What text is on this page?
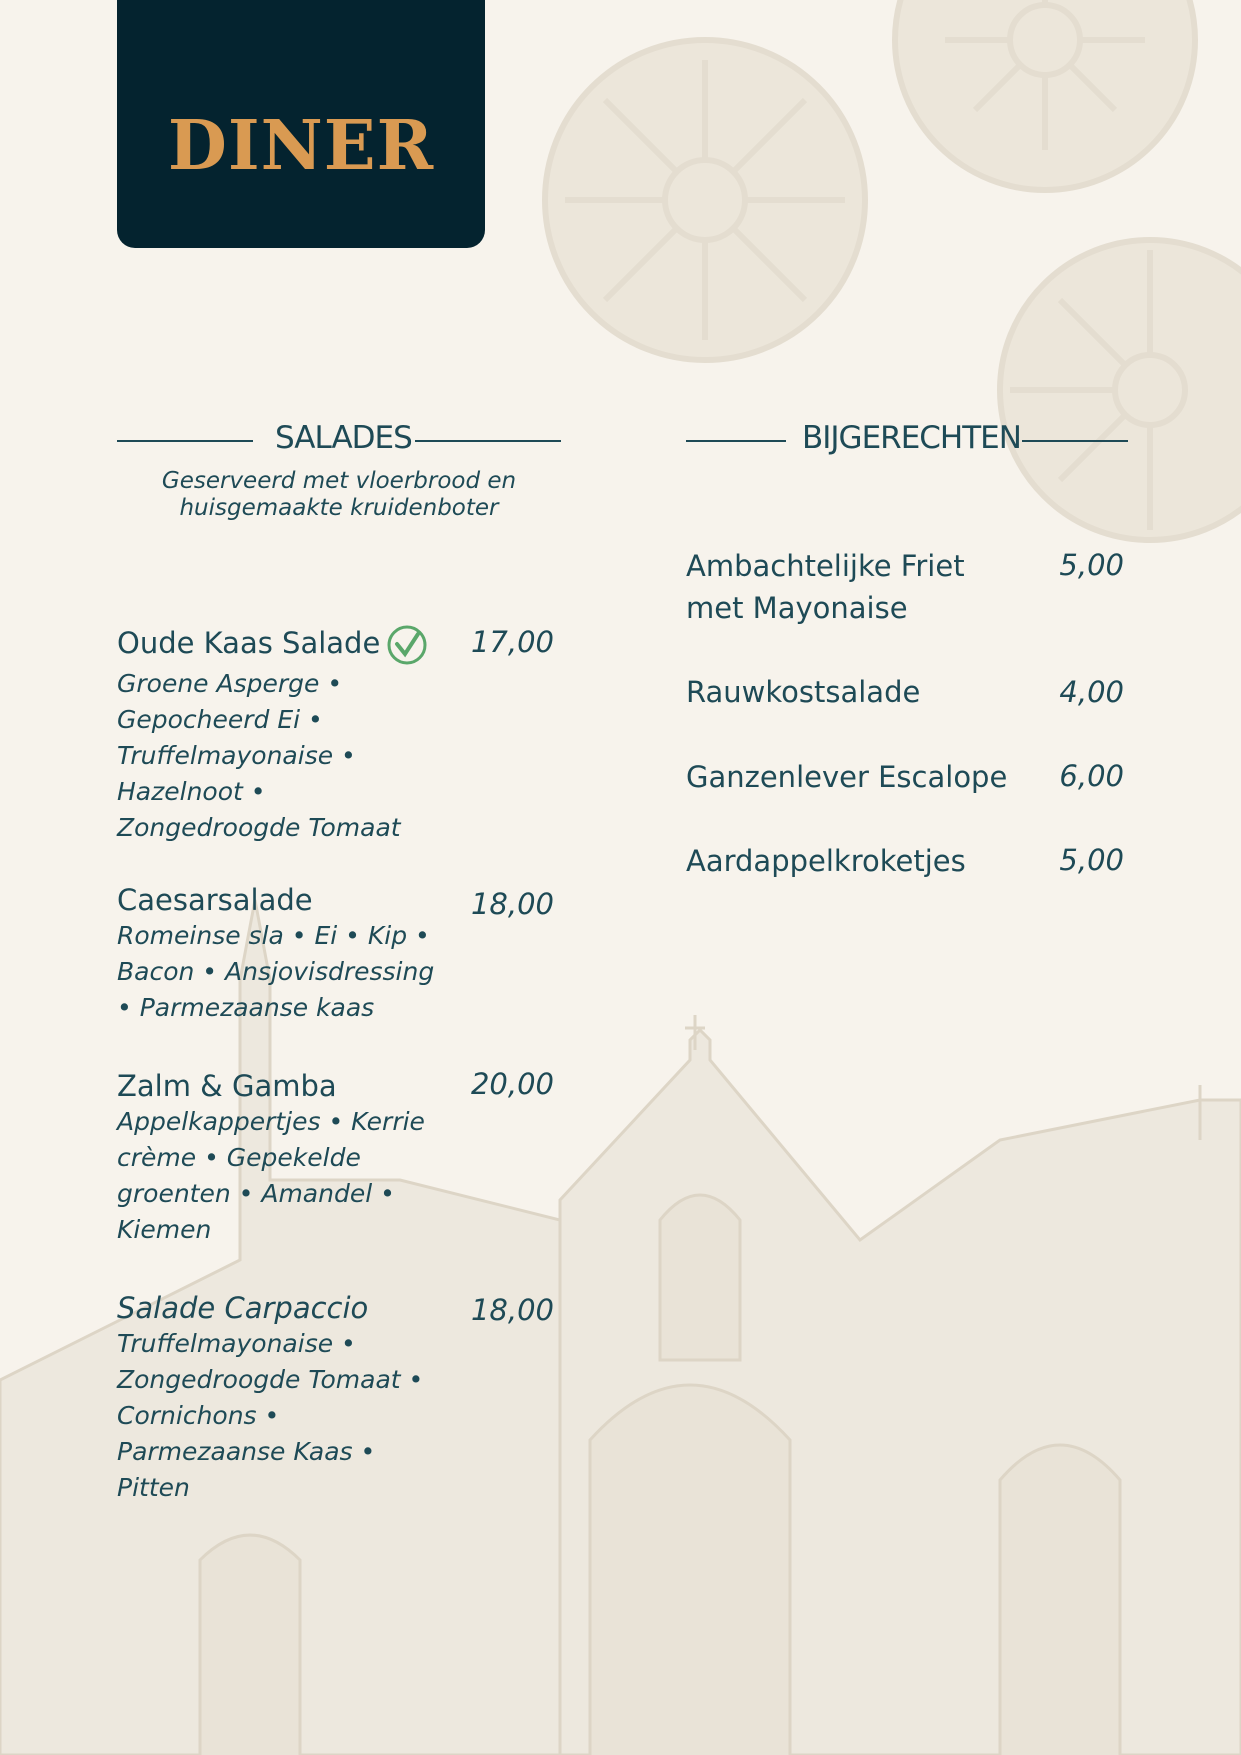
DINER
SALADES
Geserveerd met vloerbrood en huisgemaakte kruidenboter
Oude Kaas Salade
Groene Asperge • Gepocheerd Ei • Truffelmayonaise • Hazelnoot • Zongedroogde Tomaat
17,00
Caesarsalade
Romeinse sla • Ei • Kip • Bacon • Ansjovisdressing • Parmezaanse kaas
18,00
Zalm & Gamba
Appelkappertjes • Kerrie crème • Gepekelde groenten • Amandel • Kiemen
20,00
Salade Carpaccio
Truffelmayonaise • Zongedroogde Tomaat • Cornichons • Parmezaanse Kaas • Pitten
18,00
BIJGERECHTEN
Ambachtelijke Friet met Mayonaise
5,00
Rauwkostsalade	4,00
Ganzenlever Escalope	6,00
Aardappelkroketjes	5,00
